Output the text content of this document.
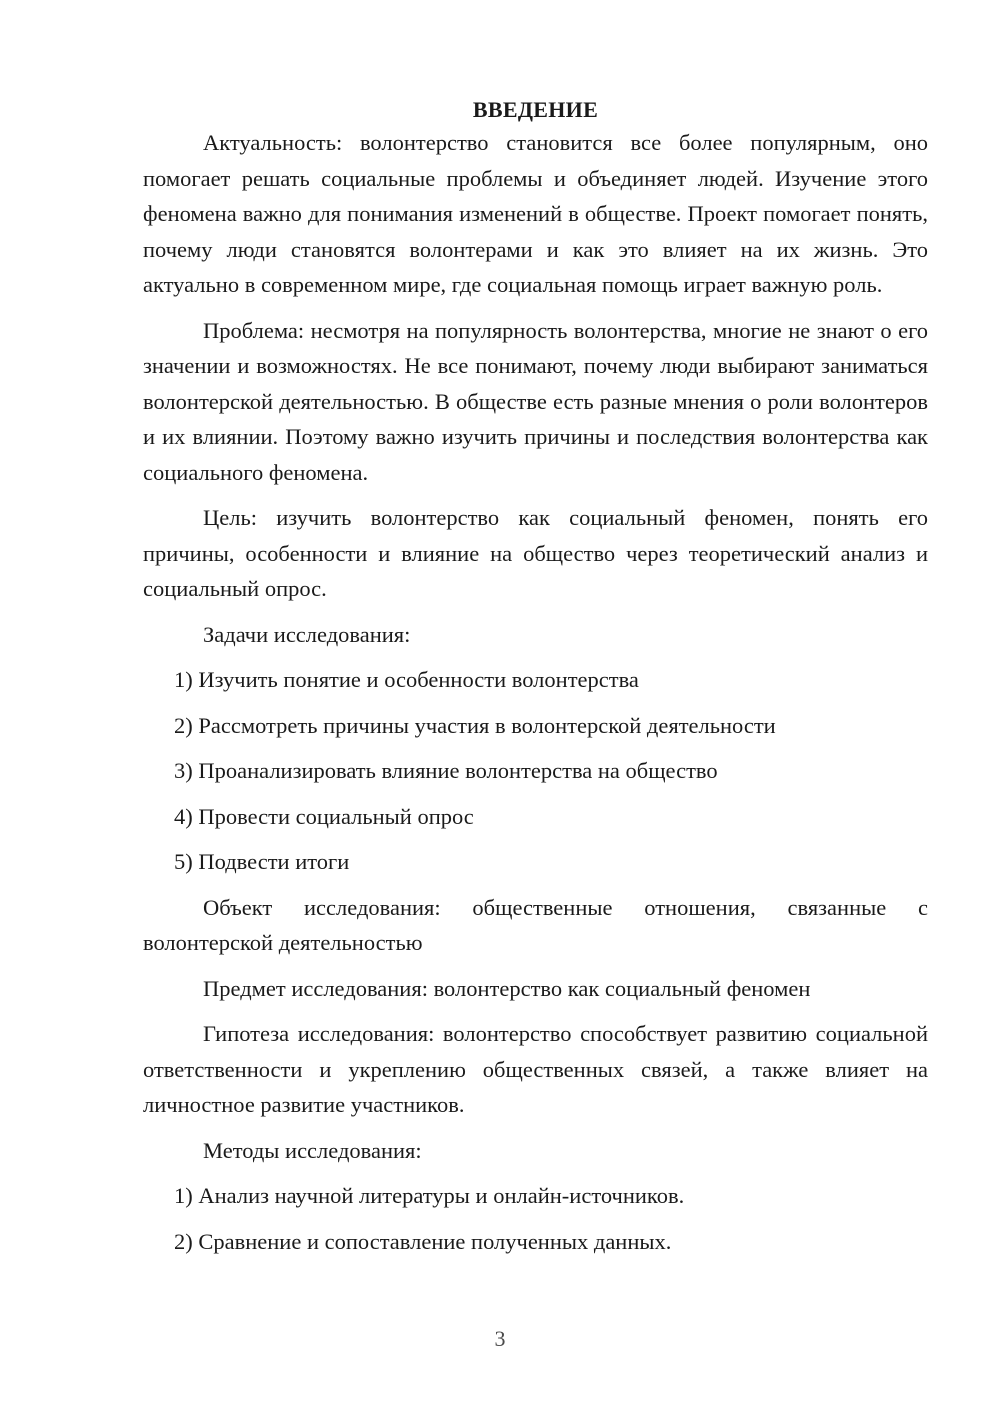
ВВЕДЕНИЕ

Актуальность: волонтерство становится все более популярным, оно помогает решать социальные проблемы и объединяет людей. Изучение этого феномена важно для понимания изменений в обществе. Проект помогает понять, почему люди становятся волонтерами и как это влияет на их жизнь. Это актуально в современном мире, где социальная помощь играет важную роль.

Проблема: несмотря на популярность волонтерства, многие не знают о его значении и возможностях. Не все понимают, почему люди выбирают заниматься волонтерской деятельностью. В обществе есть разные мнения о роли волонтеров и их влиянии. Поэтому важно изучить причины и последствия волонтерства как социального феномена.

Цель: изучить волонтерство как социальный феномен, понять его причины, особенности и влияние на общество через теоретический анализ и социальный опрос.

Задачи исследования:

1) Изучить понятие и особенности волонтерства

2) Рассмотреть причины участия в волонтерской деятельности

3) Проанализировать влияние волонтерства на общество

4) Провести социальный опрос

5) Подвести итоги

Объект исследования: общественные отношения, связанные с волонтерской деятельностью

Предмет исследования: волонтерство как социальный феномен

Гипотеза исследования: волонтерство способствует развитию социальной ответственности и укреплению общественных связей, а также влияет на личностное развитие участников.

Методы исследования:

1) Анализ научной литературы и онлайн-источников.

2) Сравнение и сопоставление полученных данных.

3
